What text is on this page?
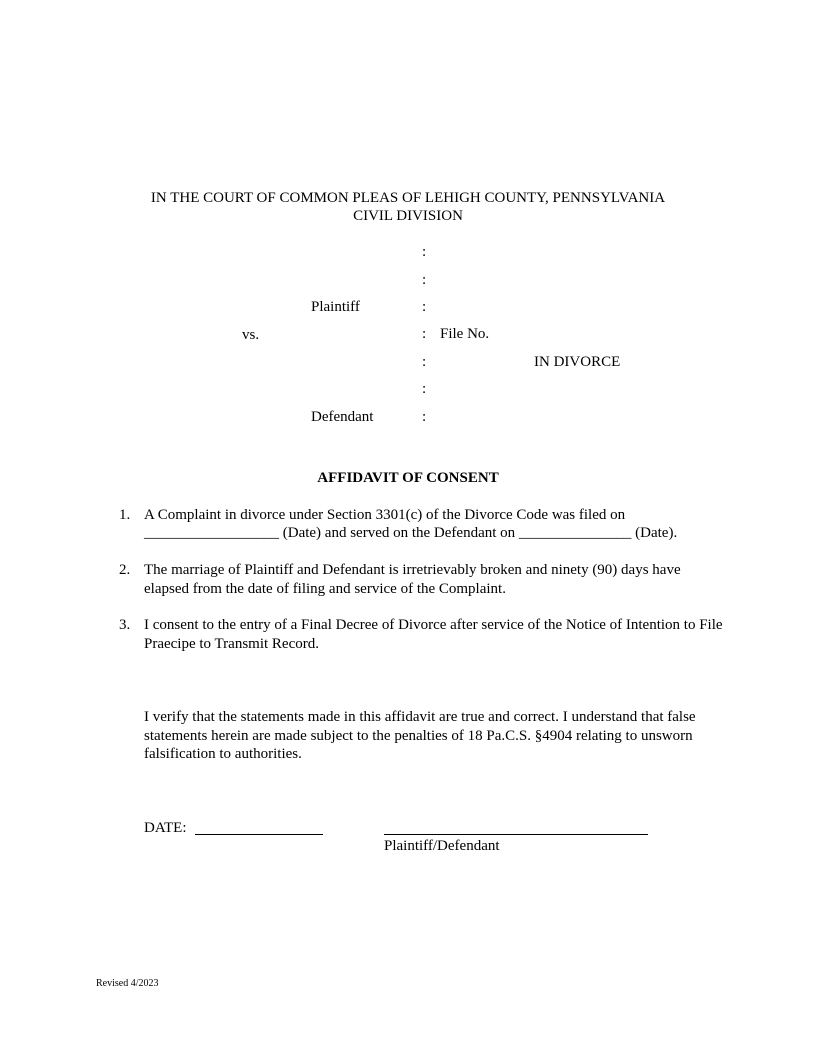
IN THE COURT OF COMMON PLEAS OF LEHIGH COUNTY, PENNSYLVANIA
CIVIL DIVISION
:
:
:
:
:
:
:
Plaintiff
vs.	File No.
IN DIVORCE
Defendant
AFFIDAVIT OF CONSENT
1. A Complaint in divorce under Section 3301(c) of the Divorce Code was filed on
__________________ (Date) and served on the Defendant on _______________ (Date).
2. The marriage of Plaintiff and Defendant is irretrievably broken and ninety (90) days have elapsed from the date of filing and service of the Complaint.
3. I consent to the entry of a Final Decree of Divorce after service of the Notice of Intention to File Praecipe to Transmit Record.
I verify that the statements made in this affidavit are true and correct. I understand that false statements herein are made subject to the penalties of 18 Pa.C.S. §4904 relating to unsworn falsification to authorities.
DATE:
Plaintiff/Defendant
Revised 4/2023
